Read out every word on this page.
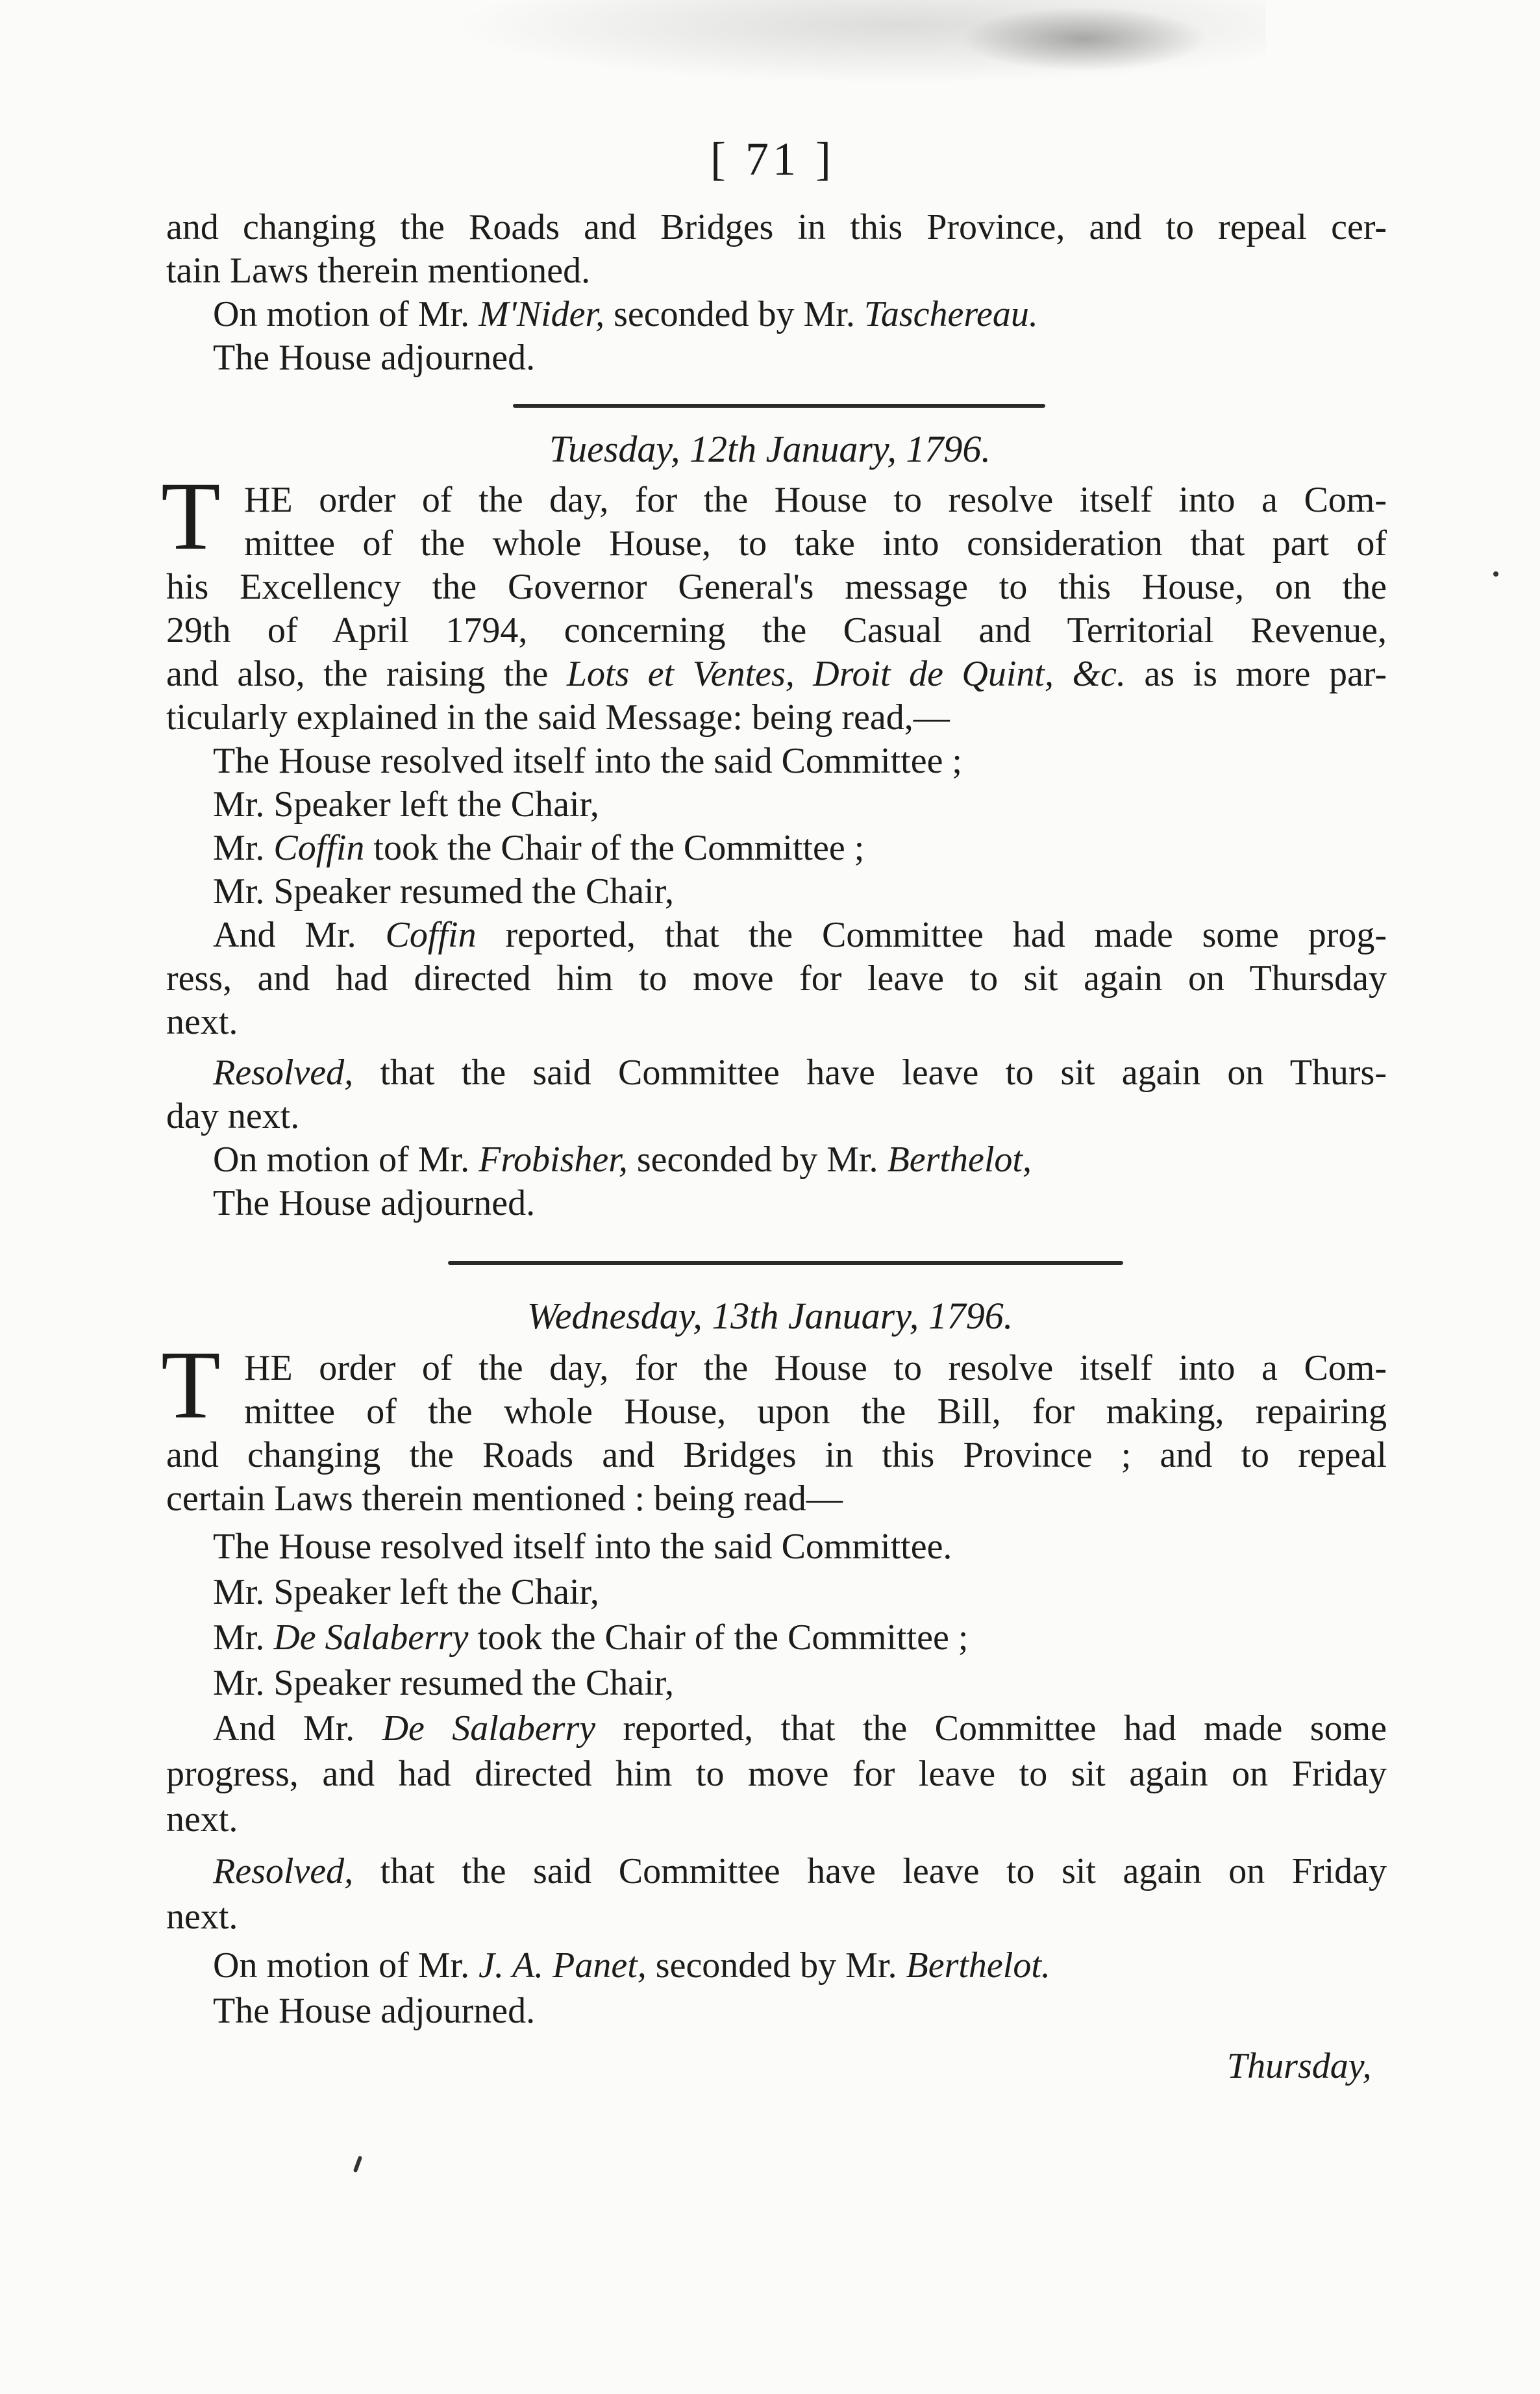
[ 71 ]
and changing the Roads and Bridges in this Province, and to repeal cer-
tain Laws therein mentioned.
On motion of Mr. M'Nider, seconded by Mr. Taschereau.
The House adjourned.
Tuesday, 12th January, 1796.
T HE order of the day, for the House to resolve itself into a Com-
mittee of the whole House, to take into consideration that part of
his Excellency the Governor General's message to this House, on the
29th of April 1794, concerning the Casual and Territorial Revenue,
and also, the raising the Lots et Ventes, Droit de Quint, &c. as is more par-
ticularly explained in the said Message: being read,—
The House resolved itself into the said Committee ;
Mr. Speaker left the Chair,
Mr. Coffin took the Chair of the Committee ;
Mr. Speaker resumed the Chair,
And Mr. Coffin reported, that the Committee had made some prog-
ress, and had directed him to move for leave to sit again on Thursday
next.
Resolved, that the said Committee have leave to sit again on Thurs-
day next.
On motion of Mr. Frobisher, seconded by Mr. Berthelot,
The House adjourned.
Wednesday, 13th January, 1796.
T HE order of the day, for the House to resolve itself into a Com-
mittee of the whole House, upon the Bill, for making, repairing
and changing the Roads and Bridges in this Province ; and to repeal
certain Laws therein mentioned : being read—
The House resolved itself into the said Committee.
Mr. Speaker left the Chair,
Mr. De Salaberry took the Chair of the Committee ;
Mr. Speaker resumed the Chair,
And Mr. De Salaberry reported, that the Committee had made some
progress, and had directed him to move for leave to sit again on Friday
next.
Resolved, that the said Committee have leave to sit again on Friday
next.
On motion of Mr. J. A. Panet, seconded by Mr. Berthelot.
The House adjourned.
Thursday,
